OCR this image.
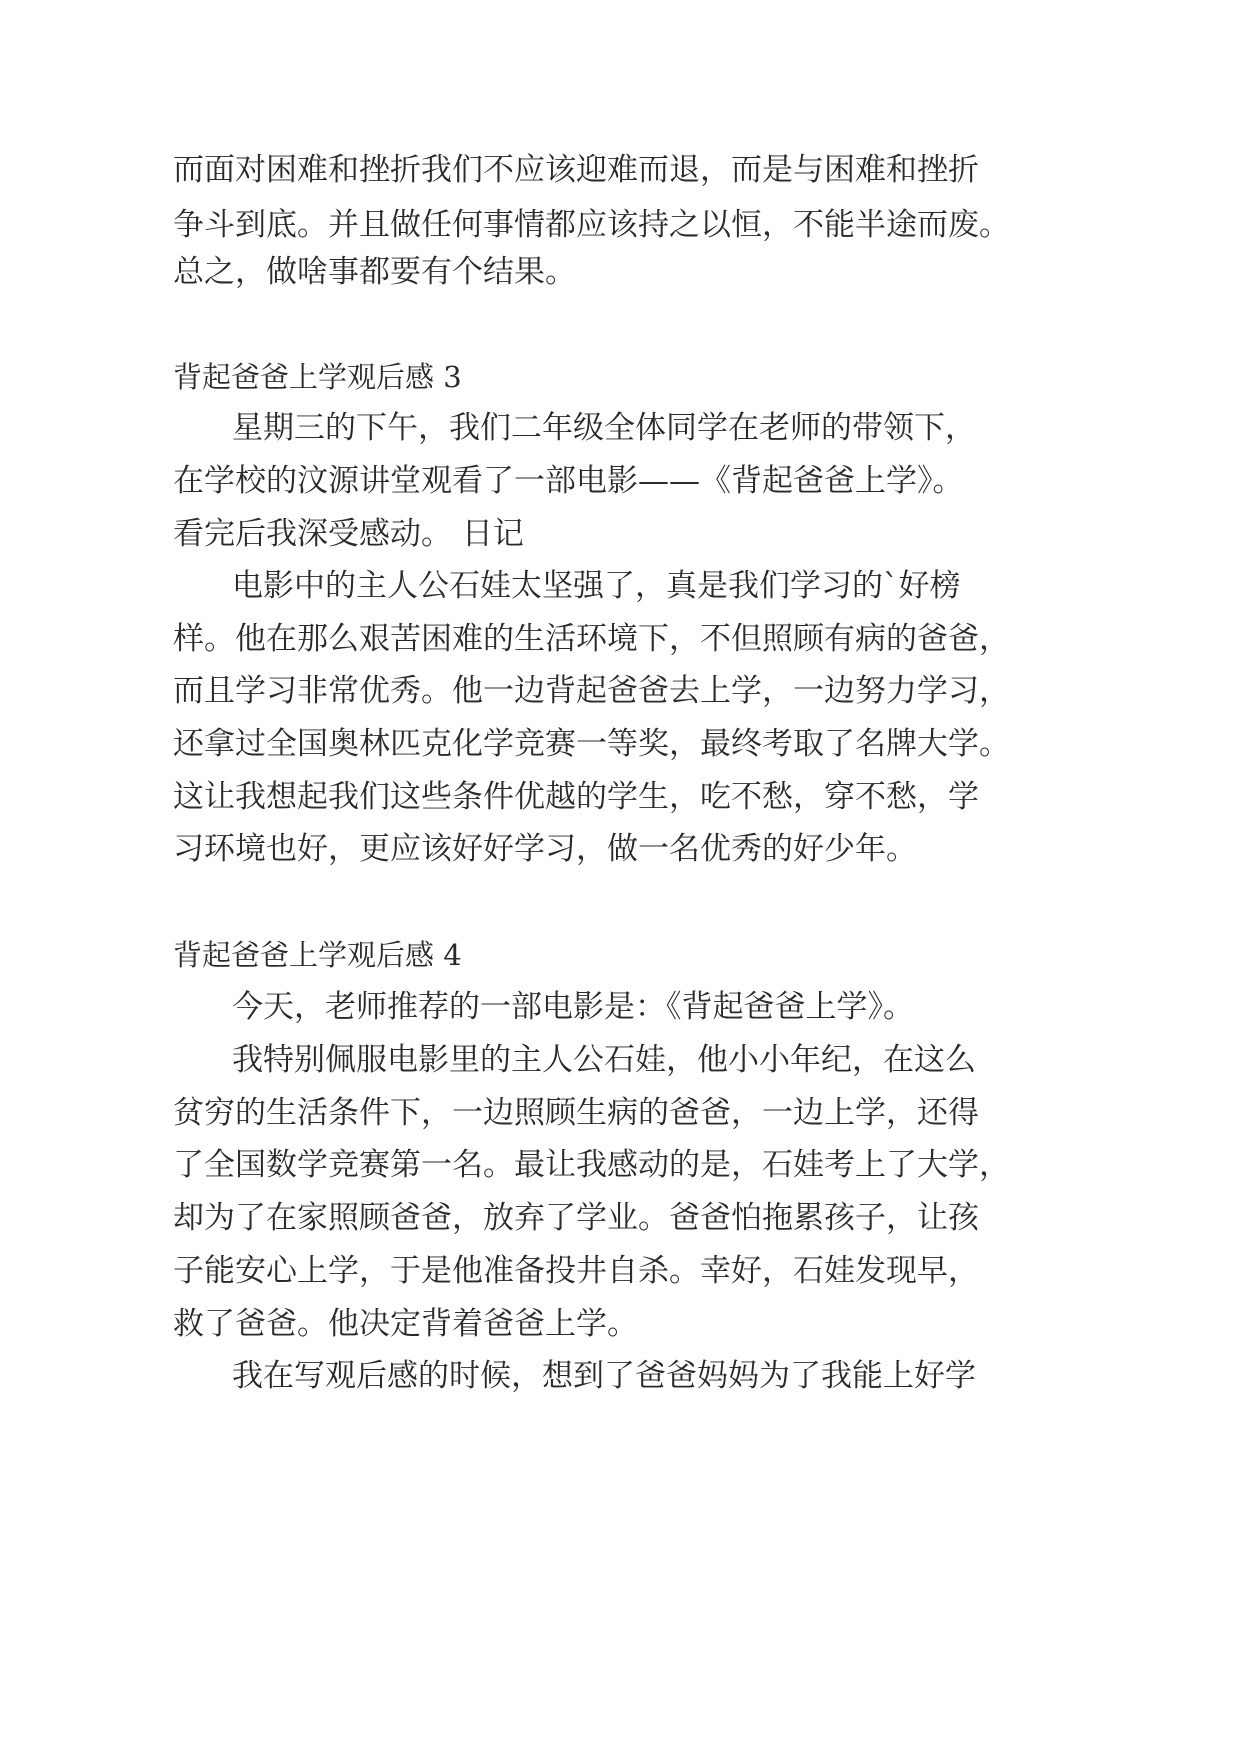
而面对困难和挫折我们不应该迎难而退，而是与困难和挫折
争斗到底。并且做任何事情都应该持之以恒，不能半途而废。
总之，做啥事都要有个结果。
背起爸爸上学观后感 3
星期三的下午，我们二年级全体同学在老师的带领下，
在学校的汶源讲堂观看了一部电影——《背起爸爸上学》。
看完后我深受感动。 日记
电影中的主人公石娃太坚强了，真是我们学习的`好榜
样。他在那么艰苦困难的生活环境下，不但照顾有病的爸爸，
而且学习非常优秀。他一边背起爸爸去上学，一边努力学习，
还拿过全国奥林匹克化学竞赛一等奖，最终考取了名牌大学。
这让我想起我们这些条件优越的学生，吃不愁，穿不愁，学
习环境也好，更应该好好学习，做一名优秀的好少年。
背起爸爸上学观后感 4
今天，老师推荐的一部电影是：《背起爸爸上学》。
我特别佩服电影里的主人公石娃，他小小年纪，在这么
贫穷的生活条件下，一边照顾生病的爸爸，一边上学，还得
了全国数学竞赛第一名。最让我感动的是，石娃考上了大学，
却为了在家照顾爸爸，放弃了学业。爸爸怕拖累孩子，让孩
子能安心上学，于是他准备投井自杀。幸好，石娃发现早，
救了爸爸。他决定背着爸爸上学。
我在写观后感的时候，想到了爸爸妈妈为了我能上好学
